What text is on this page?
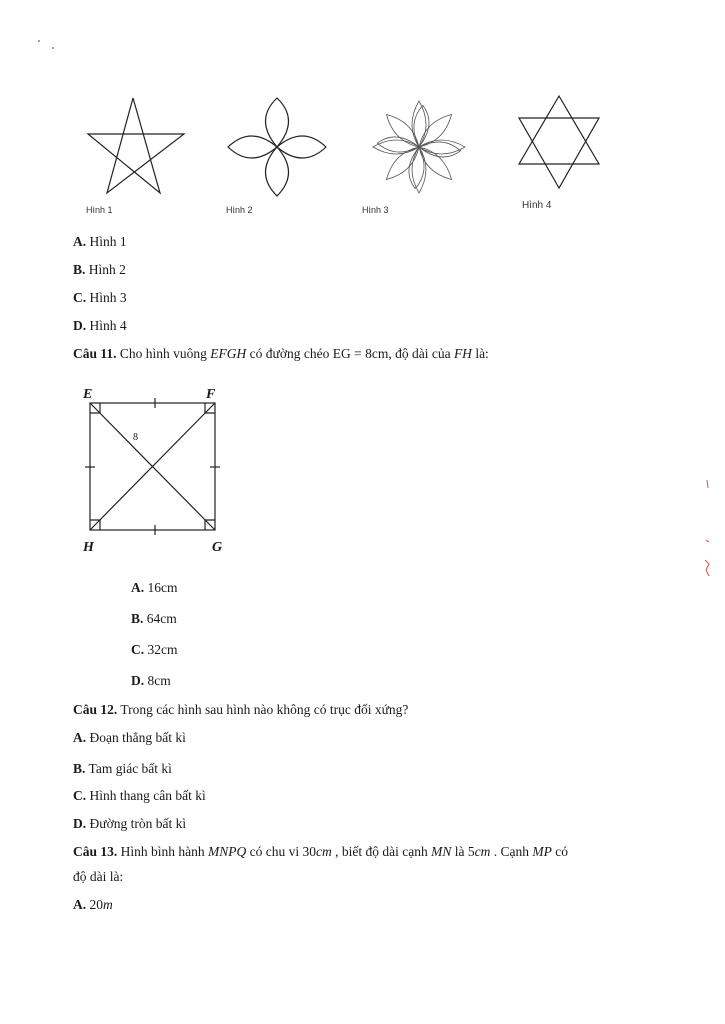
Hình 1	Hình 2	Hình 3	Hình 4
A. Hình 1
B. Hình 2
C. Hình 3
D. Hình 4
Câu 11. Cho hình vuông EFGH có đường chéo EG = 8cm, độ dài của FH là:
E	F
H	G
8
A. 16cm
B. 64cm
C. 32cm
D. 8cm
Câu 12. Trong các hình sau hình nào không có trục đối xứng?
A. Đoạn thẳng bất kì
B. Tam giác bất kì
C. Hình thang cân bất kì
D. Đường tròn bất kì
Câu 13. Hình bình hành MNPQ có chu vi 30cm , biết độ dài cạnh MN là 5cm . Cạnh MP có
độ dài là:
A. 20m
